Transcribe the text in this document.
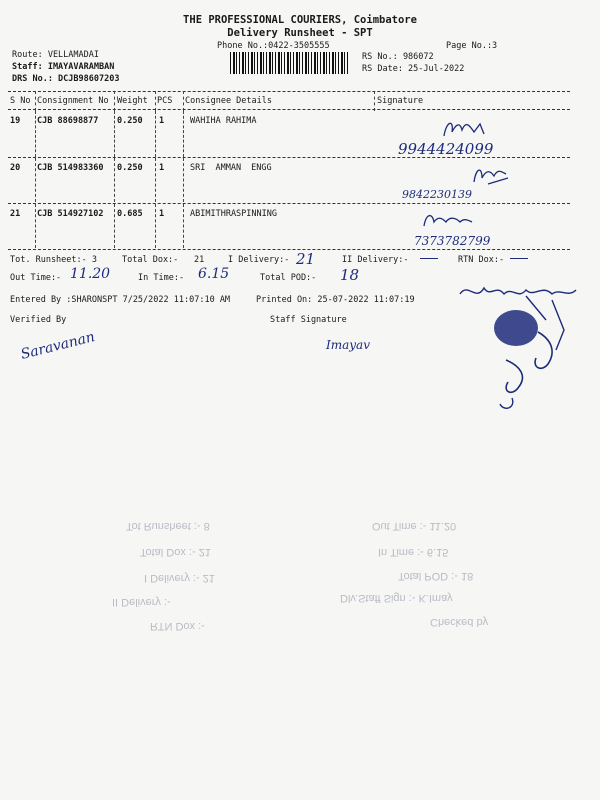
THE PROFESSIONAL COURIERS, Coimbatore
Delivery Runsheet - SPT
Phone No.:0422-3505555	Page No.:3
Route: VELLAMADAI
Staff: IMAYAVARAMBAN
DRS No.: DCJB98607203
RS No.: 986072
RS Date: 25-Jul-2022
S No Consignment No Weight PCS Consignee Details	Signature
19 CJB 88698877 0.250 1	WAHIHA RAHIMA
9944424099
20 CJB 514983360 0.250 1	SRI AMMAN ENGG
9842230139
21 CJB 514927102 0.685 1	ABIMITHRASPINNING
7373782799
Tot. Runsheet:- 3	Total Dox:- 21	I Delivery:- 21	II Delivery:-	RTN Dox:-
Out Time:- 11.20	In Time:- 6.15	Total POD:- 18
Entered By :SHARONSPT 7/25/2022 11:07:10 AM	Printed On: 25-07-2022 11:07:19
Verified By	Staff Signature
Saravanan	Imayav
Tot Runsheet :- 8
Total Dox :- 21
I Delivery :- 21
II Delivery :-
RTN Dox :-
Out Time :- 11.20
In Time :- 6.15
Total POD :- 18
Dlv.Staff Sign :- K.Imay
Checked by
